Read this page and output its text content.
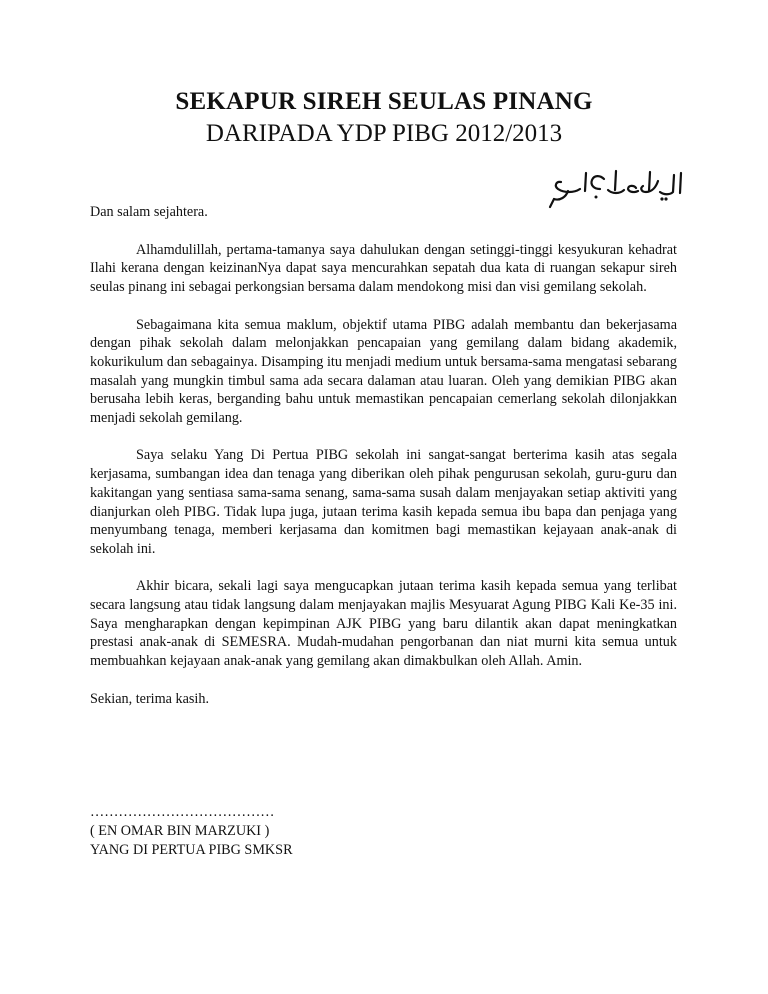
SEKAPUR SIREH SEULAS PINANG
DARIPADA YDP PIBG 2012/2013

Dan salam sejahtera.

Alhamdulillah, pertama-tamanya saya dahulukan dengan setinggi-tinggi kesyukuran kehadrat Ilahi kerana dengan keizinanNya dapat saya mencurahkan sepatah dua kata di ruangan sekapur sireh seulas pinang ini sebagai perkongsian bersama dalam mendokong misi dan visi gemilang sekolah.

Sebagaimana kita semua maklum, objektif utama PIBG adalah membantu dan bekerjasama dengan pihak sekolah dalam melonjakkan pencapaian yang gemilang dalam bidang akademik, kokurikulum dan sebagainya. Disamping itu menjadi medium untuk bersama-sama mengatasi sebarang masalah yang mungkin timbul sama ada secara dalaman atau luaran. Oleh yang demikian PIBG akan berusaha lebih keras, berganding bahu untuk memastikan pencapaian cemerlang sekolah dilonjakkan menjadi sekolah gemilang.

Saya selaku Yang Di Pertua PIBG sekolah ini sangat-sangat berterima kasih atas segala kerjasama, sumbangan idea dan tenaga yang diberikan oleh pihak pengurusan sekolah, guru-guru dan kakitangan yang sentiasa sama-sama senang, sama-sama susah dalam menjayakan setiap aktiviti yang dianjurkan oleh PIBG. Tidak lupa juga, jutaan terima kasih kepada semua ibu bapa dan penjaga yang menyumbang tenaga, memberi kerjasama dan komitmen bagi memastikan kejayaan anak-anak di sekolah ini.

Akhir bicara, sekali lagi saya mengucapkan jutaan terima kasih kepada semua yang terlibat secara langsung atau tidak langsung dalam menjayakan majlis Mesyuarat Agung PIBG Kali Ke-35 ini. Saya mengharapkan dengan kepimpinan AJK PIBG yang baru dilantik akan dapat meningkatkan prestasi anak-anak di SEMESRA. Mudah-mudahan pengorbanan dan niat murni kita semua untuk membuahkan kejayaan anak-anak yang gemilang akan dimakbulkan oleh Allah. Amin.

Sekian, terima kasih.

…………………………………
( EN OMAR BIN MARZUKI )
YANG DI PERTUA PIBG SMKSR
